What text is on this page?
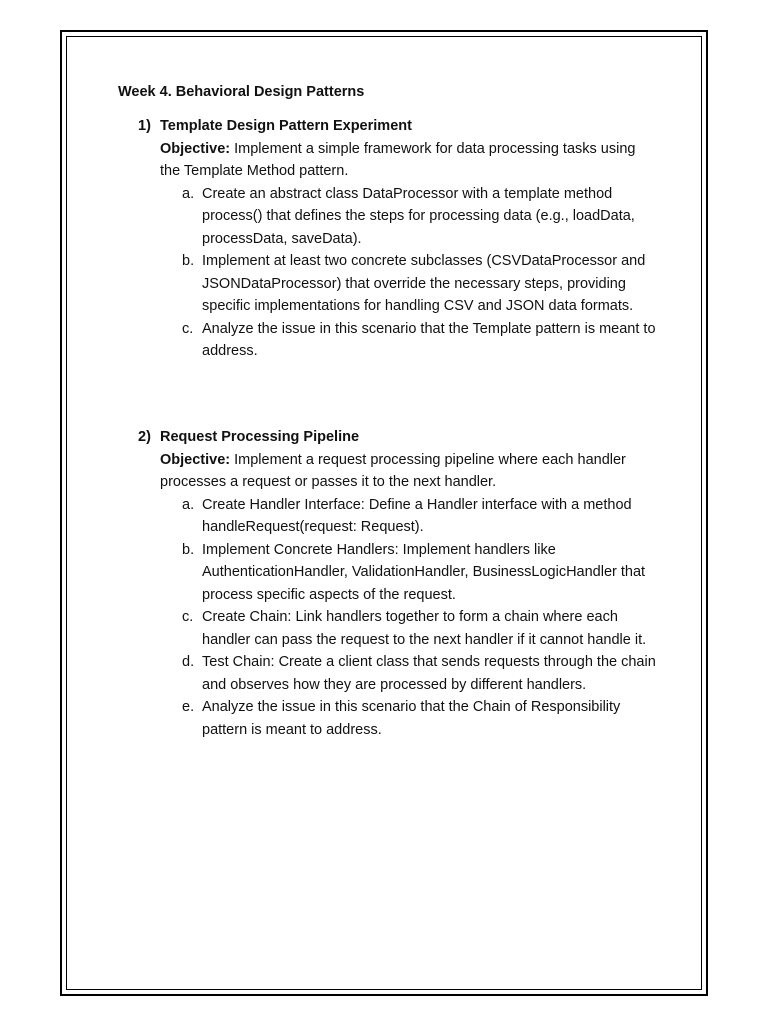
Week 4. Behavioral Design Patterns
1) Template Design Pattern Experiment
Objective: Implement a simple framework for data processing tasks using the Template Method pattern.
a. Create an abstract class DataProcessor with a template method process() that defines the steps for processing data (e.g., loadData, processData, saveData).
b. Implement at least two concrete subclasses (CSVDataProcessor and JSONDataProcessor) that override the necessary steps, providing specific implementations for handling CSV and JSON data formats.
c. Analyze the issue in this scenario that the Template pattern is meant to address.
2) Request Processing Pipeline
Objective: Implement a request processing pipeline where each handler processes a request or passes it to the next handler.
a. Create Handler Interface: Define a Handler interface with a method handleRequest(request: Request).
b. Implement Concrete Handlers: Implement handlers like AuthenticationHandler, ValidationHandler, BusinessLogicHandler that process specific aspects of the request.
c. Create Chain: Link handlers together to form a chain where each handler can pass the request to the next handler if it cannot handle it.
d. Test Chain: Create a client class that sends requests through the chain and observes how they are processed by different handlers.
e. Analyze the issue in this scenario that the Chain of Responsibility pattern is meant to address.
